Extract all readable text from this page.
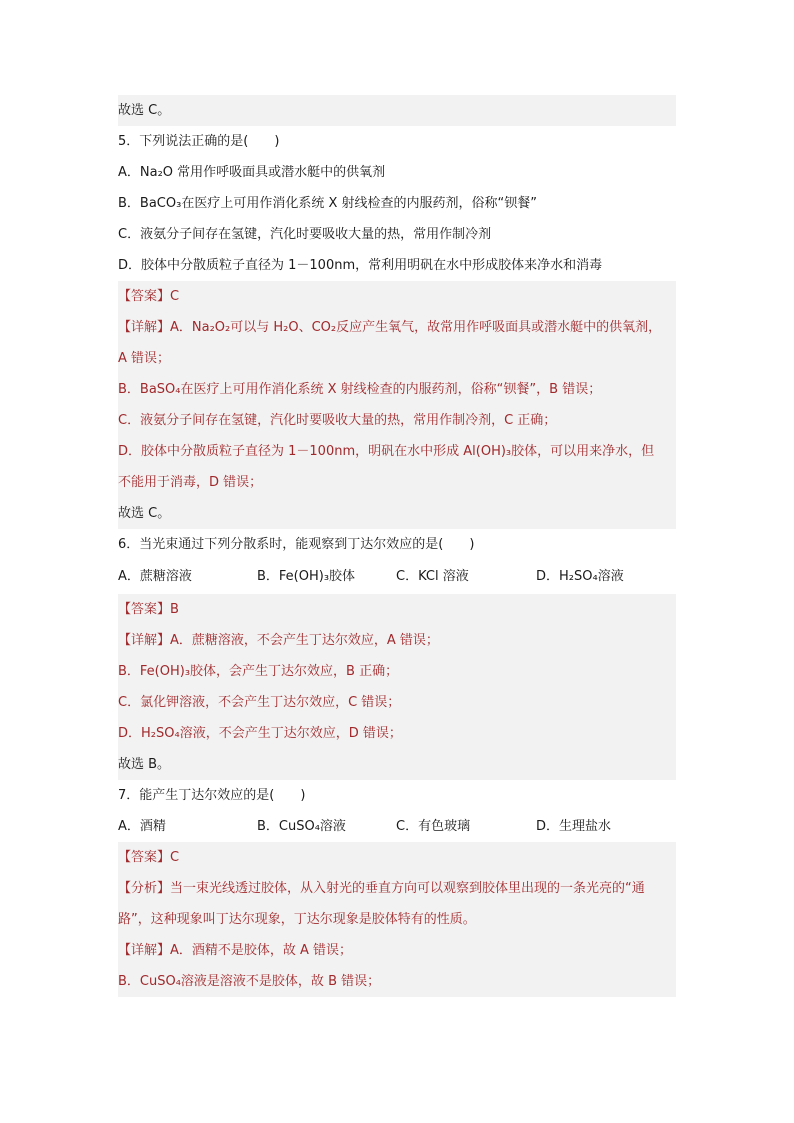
故选 C。
5．下列说法正确的是(　　)
A．Na₂O 常用作呼吸面具或潜水艇中的供氧剂
B．BaCO₃在医疗上可用作消化系统 X 射线检查的内服药剂，俗称“钡餐”
C．液氨分子间存在氢键，汽化时要吸收大量的热，常用作制冷剂
D．胶体中分散质粒子直径为 1－100nm，常利用明矾在水中形成胶体来净水和消毒
【答案】C
【详解】A．Na₂O₂可以与 H₂O、CO₂反应产生氧气，故常用作呼吸面具或潜水艇中的供氧剂，
A 错误；
B．BaSO₄在医疗上可用作消化系统 X 射线检查的内服药剂，俗称“钡餐”，B 错误；
C．液氨分子间存在氢键，汽化时要吸收大量的热，常用作制冷剂，C 正确；
D．胶体中分散质粒子直径为 1－100nm，明矾在水中形成 Al(OH)₃胶体，可以用来净水，但
不能用于消毒，D 错误；
故选 C。
6．当光束通过下列分散系时，能观察到丁达尔效应的是(　　)
A．蔗糖溶液	B．Fe(OH)₃胶体	C．KCl 溶液	D．H₂SO₄溶液
【答案】B
【详解】A．蔗糖溶液，不会产生丁达尔效应，A 错误；
B．Fe(OH)₃胶体，会产生丁达尔效应，B 正确；
C．氯化钾溶液，不会产生丁达尔效应，C 错误；
D．H₂SO₄溶液，不会产生丁达尔效应，D 错误；
故选 B。
7．能产生丁达尔效应的是(　　)
A．酒精	B．CuSO₄溶液	C．有色玻璃	D．生理盐水
【答案】C
【分析】当一束光线透过胶体，从入射光的垂直方向可以观察到胶体里出现的一条光亮的“通
路”，这种现象叫丁达尔现象，丁达尔现象是胶体特有的性质。
【详解】A．酒精不是胶体，故 A 错误；
B．CuSO₄溶液是溶液不是胶体，故 B 错误；
